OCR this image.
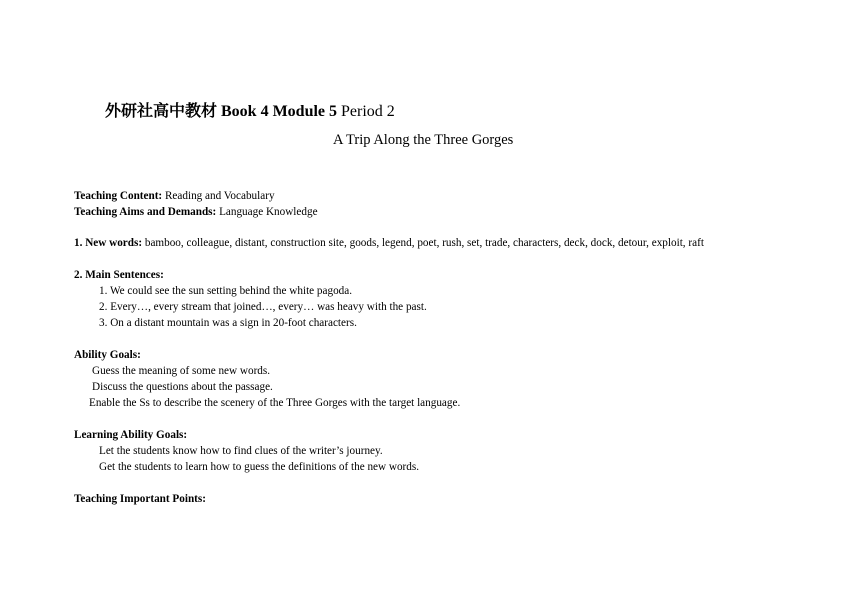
外研社高中教材 Book 4 Module 5 Period 2
A Trip Along the Three Gorges
Teaching Content: Reading and Vocabulary
Teaching Aims and Demands: Language Knowledge
1. New words: bamboo, colleague, distant, construction site, goods, legend, poet, rush, set, trade, characters, deck, dock, detour, exploit, raft
2. Main Sentences:
1. We could see the sun setting behind the white pagoda.
2. Every…, every stream that joined…, every… was heavy with the past.
3. On a distant mountain was a sign in 20-foot characters.
Ability Goals:
Guess the meaning of some new words.
Discuss the questions about the passage.
Enable the Ss to describe the scenery of the Three Gorges with the target language.
Learning Ability Goals:
Let the students know how to find clues of the writer’s journey.
Get the students to learn how to guess the definitions of the new words.
Teaching Important Points:
